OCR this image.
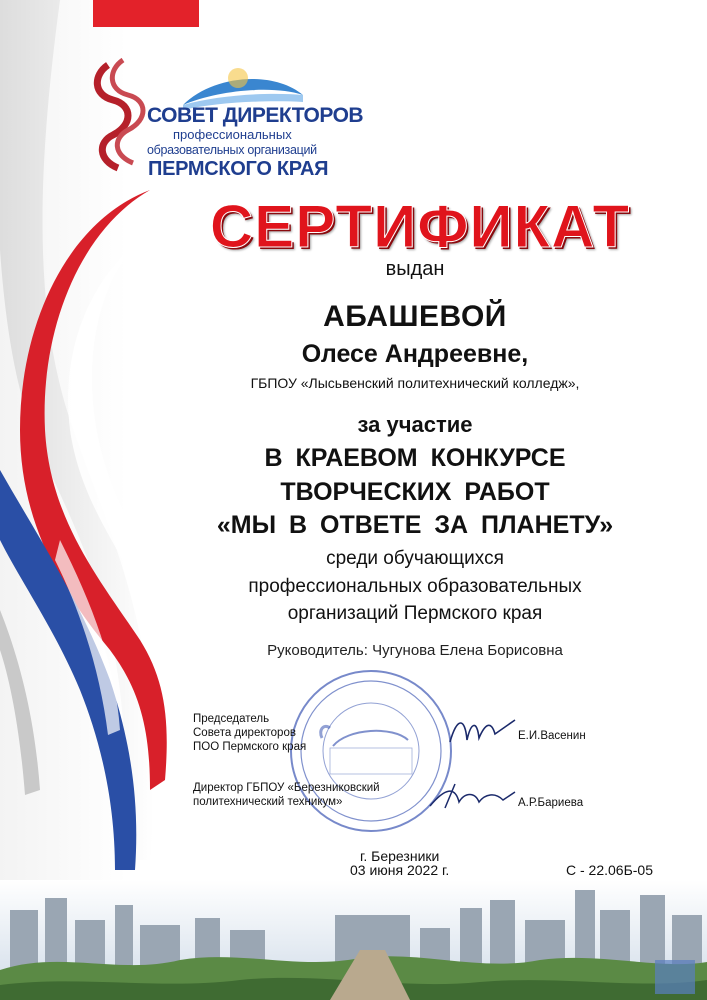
СОВЕТ ДИРЕКТОРОВ
профессиональных
образовательных организаций
ПЕРМСКОГО КРАЯ
СЕРТИФИКАТ
выдан
АБАШЕВОЙ
Олесе Андреевне,
ГБПОУ «Лысьвенский политехнический колледж»,
за участие
В КРАЕВОМ КОНКУРСЕ
ТВОРЧЕСКИХ РАБОТ
«МЫ В ОТВЕТЕ ЗА ПЛАНЕТУ»
среди обучающихся
профессиональных образовательных
организаций Пермского края
Руководитель: Чугунова Елена Борисовна
Председатель
Совета директоров
ПОО Пермского края
Е.И.Васенин
Директор ГБПОУ «Березниковский
политехнический техникум»	А.Р.Бариева
г. Березники
03 июня 2022 г.	С - 22.06Б-05
